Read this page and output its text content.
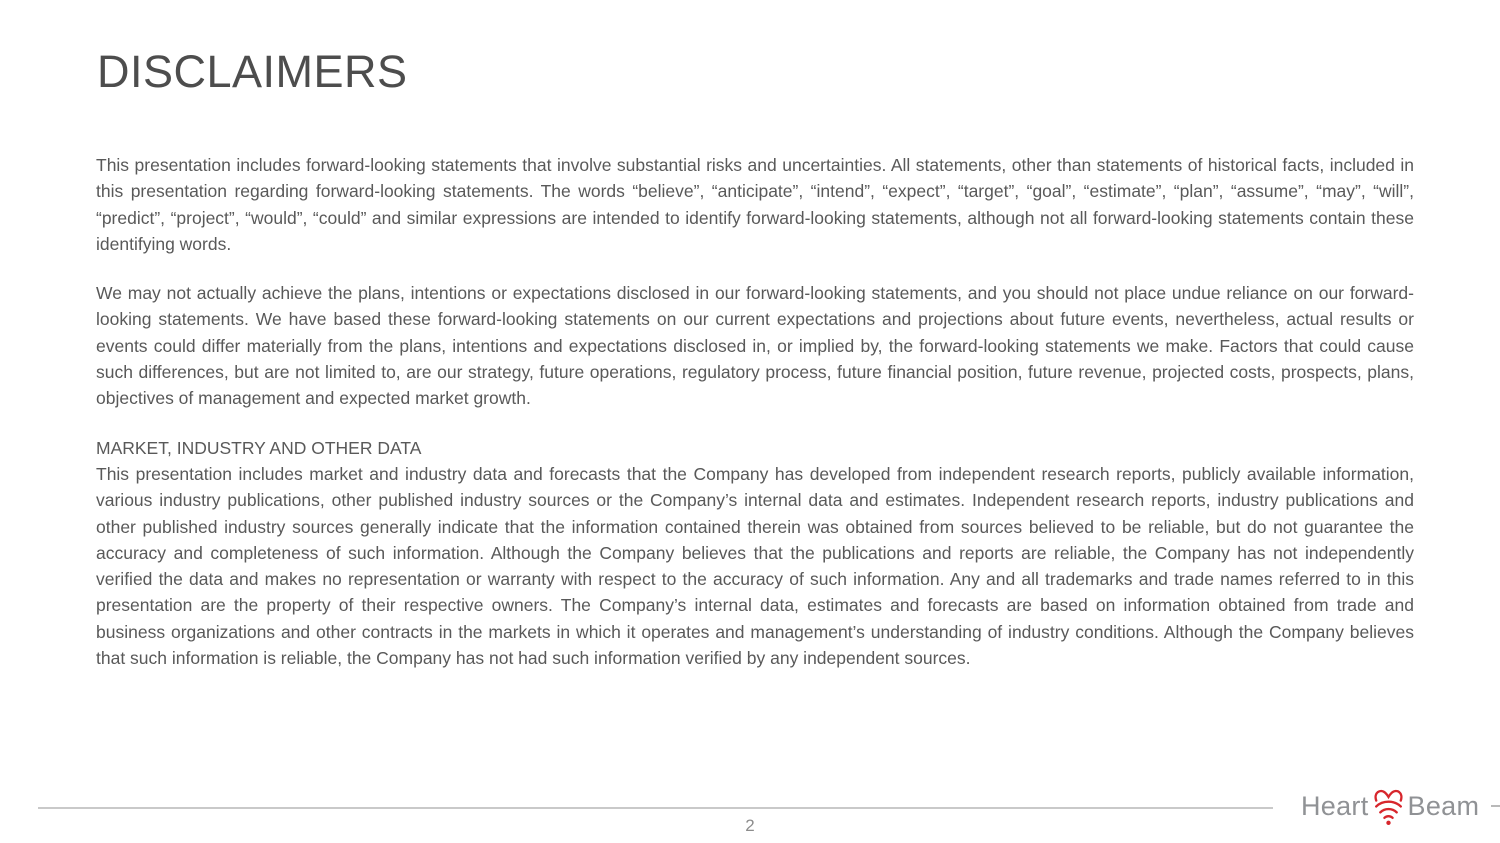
DISCLAIMERS

This presentation includes forward-looking statements that involve substantial risks and uncertainties. All statements, other than statements of historical facts, included in this presentation regarding forward-looking statements. The words “believe”, “anticipate”, “intend”, “expect”, “target”, “goal”, “estimate”, “plan”, “assume”, “may”, “will”, “predict”, “project”, “would”, “could” and similar expressions are intended to identify forward-looking statements, although not all forward-looking statements contain these identifying words.

We may not actually achieve the plans, intentions or expectations disclosed in our forward-looking statements, and you should not place undue reliance on our forward-looking statements. We have based these forward-looking statements on our current expectations and projections about future events, nevertheless, actual results or events could differ materially from the plans, intentions and expectations disclosed in, or implied by, the forward-looking statements we make. Factors that could cause such differences, but are not limited to, are our strategy, future operations, regulatory process, future financial position, future revenue, projected costs, prospects, plans, objectives of management and expected market growth.

MARKET, INDUSTRY AND OTHER DATA

This presentation includes market and industry data and forecasts that the Company has developed from independent research reports, publicly available information, various industry publications, other published industry sources or the Company’s internal data and estimates. Independent research reports, industry publications and other published industry sources generally indicate that the information contained therein was obtained from sources believed to be reliable, but do not guarantee the accuracy and completeness of such information. Although the Company believes that the publications and reports are reliable, the Company has not independently verified the data and makes no representation or warranty with respect to the accuracy of such information. Any and all trademarks and trade names referred to in this presentation are the property of their respective owners. The Company’s internal data, estimates and forecasts are based on information obtained from trade and business organizations and other contracts in the markets in which it operates and management’s understanding of industry conditions. Although the Company believes that such information is reliable, the Company has not had such information verified by any independent sources.

2
Heart Beam
